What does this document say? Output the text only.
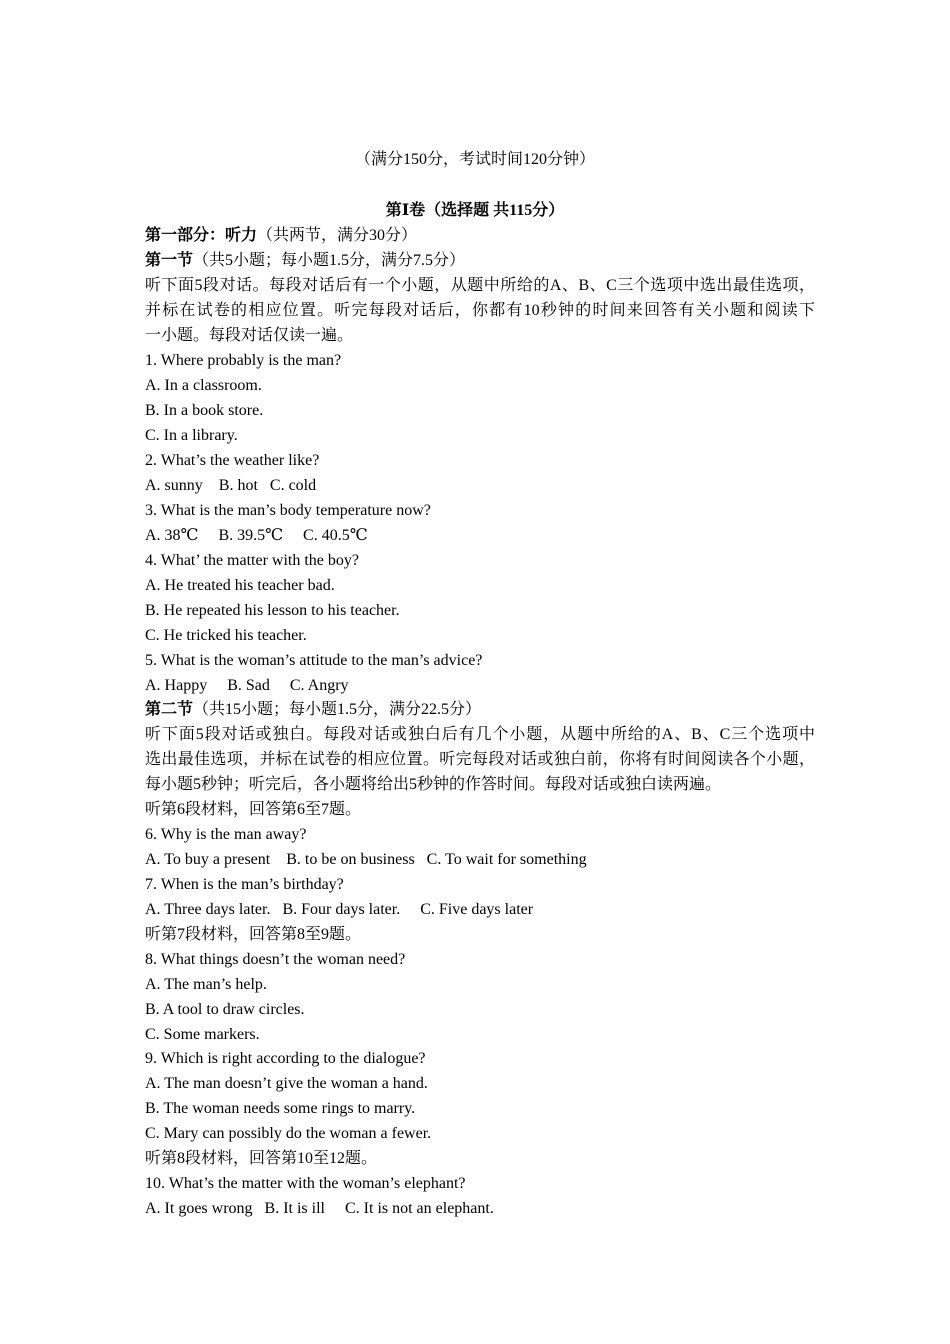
（满分150分，考试时间120分钟）
第Ⅰ卷（选择题 共115分）
第一部分：听力（共两节，满分30分）
第一节（共5小题；每小题1.5分，满分7.5分）
听下面5段对话。每段对话后有一个小题，从题中所给的A、B、C三个选项中选出最佳选项，
并标在试卷的相应位置。听完每段对话后，你都有10秒钟的时间来回答有关小题和阅读下
一小题。每段对话仅读一遍。
1. Where probably is the man?
A. In a classroom.
B. In a book store.
C. In a library.
2. What’s the weather like?
A. sunny    B. hot   C. cold
3. What is the man’s body temperature now?
A. 38℃     B. 39.5℃     C. 40.5℃
4. What’ the matter with the boy?
A. He treated his teacher bad.
B. He repeated his lesson to his teacher.
C. He tricked his teacher.
5. What is the woman’s attitude to the man’s advice?
A. Happy     B. Sad     C. Angry
第二节（共15小题；每小题1.5分，满分22.5分）
听下面5段对话或独白。每段对话或独白后有几个小题，从题中所给的A、B、C三个选项中
选出最佳选项，并标在试卷的相应位置。听完每段对话或独白前，你将有时间阅读各个小题，
每小题5秒钟；听完后，各小题将给出5秒钟的作答时间。每段对话或独白读两遍。
听第6段材料，回答第6至7题。
6. Why is the man away?
A. To buy a present    B. to be on business   C. To wait for something
7. When is the man’s birthday?
A. Three days later.   B. Four days later.     C. Five days later
听第7段材料，回答第8至9题。
8. What things doesn’t the woman need?
A. The man’s help.
B. A tool to draw circles.
C. Some markers.
9. Which is right according to the dialogue?
A. The man doesn’t give the woman a hand.
B. The woman needs some rings to marry.
C. Mary can possibly do the woman a fewer.
听第8段材料，回答第10至12题。
10. What’s the matter with the woman’s elephant?
A. It goes wrong   B. It is ill     C. It is not an elephant.
